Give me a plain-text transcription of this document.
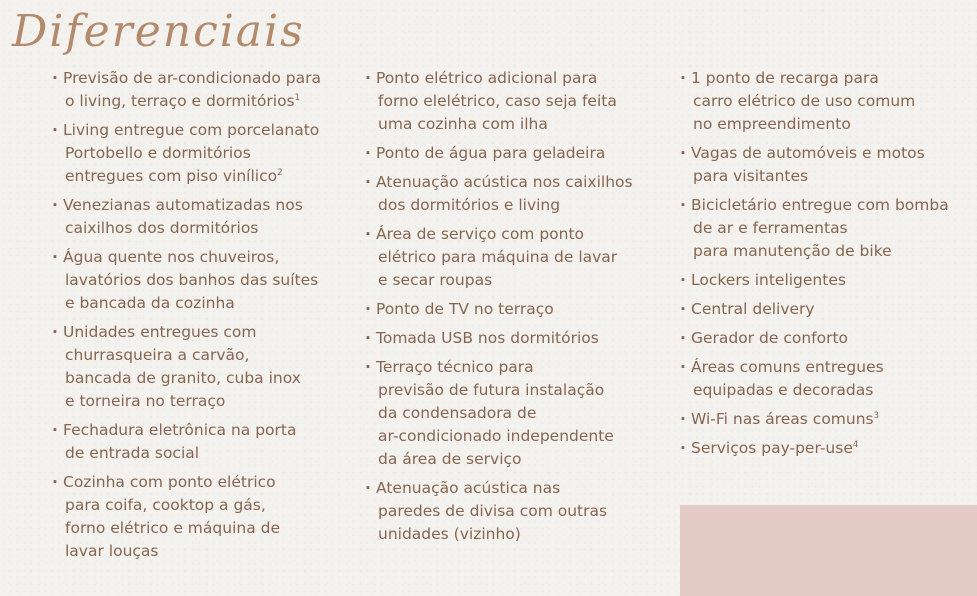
Diferenciais
· Previsão de ar-condicionado para
o living, terraço e dormitórios$^1$
· Living entregue com porcelanato
Portobello e dormitórios
entregues com piso vinílico$^2$
· Venezianas automatizadas nos
caixilhos dos dormitórios
· Água quente nos chuveiros,
lavatórios dos banhos das suítes
e bancada da cozinha
· Unidades entregues com
churrasqueira a carvão,
bancada de granito, cuba inox
e torneira no terraço
· Fechadura eletrônica na porta
de entrada social
· Cozinha com ponto elétrico
para coifa, cooktop a gás,
forno elétrico e máquina de
lavar louças
· Ponto elétrico adicional para
forno elelétrico, caso seja feita
uma cozinha com ilha
· Ponto de água para geladeira
· Atenuação acústica nos caixilhos
dos dormitórios e living
· Área de serviço com ponto
elétrico para máquina de lavar
e secar roupas
· Ponto de TV no terraço
· Tomada USB nos dormitórios
· Terraço técnico para
previsão de futura instalação
da condensadora de
ar-condicionado independente
da área de serviço
· Atenuação acústica nas
paredes de divisa com outras
unidades (vizinho)
· 1 ponto de recarga para
carro elétrico de uso comum
no empreendimento
· Vagas de automóveis e motos
para visitantes
· Bicicletário entregue com bomba
de ar e ferramentas
para manutenção de bike
· Lockers inteligentes
· Central delivery
· Gerador de conforto
· Áreas comuns entregues
equipadas e decoradas
· Wi-Fi nas áreas comuns$^3$
· Serviços pay-per-use$^4$
